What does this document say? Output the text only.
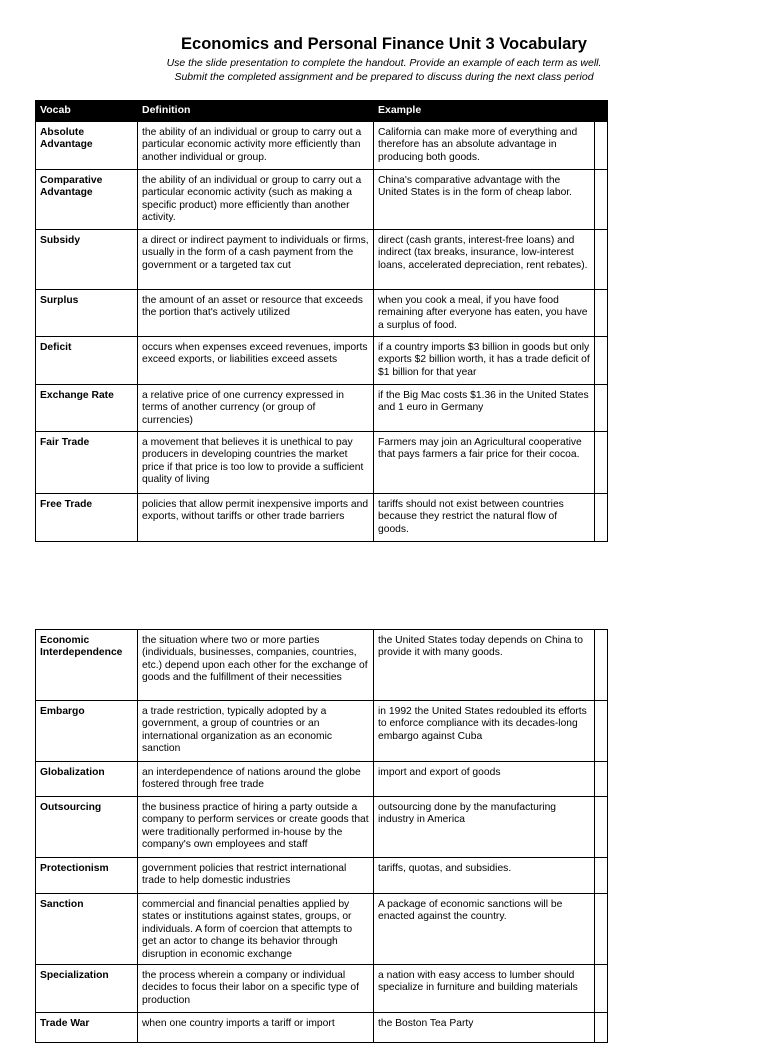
Economics and Personal Finance Unit 3 Vocabulary
Use the slide presentation to complete the handout. Provide an example of each term as well.
Submit the completed assignment and be prepared to discuss during the next class period
Vocab	Definition	Example	
Absolute Advantage	the ability of an individual or group to carry out a particular economic activity more efficiently than another individual or group.	California can make more of everything and therefore has an absolute advantage in producing both goods.	
Comparative Advantage	the ability of an individual or group to carry out a particular economic activity (such as making a specific product) more efficiently than another activity.	China's comparative advantage with the United States is in the form of cheap labor.	
Subsidy	a direct or indirect payment to individuals or firms, usually in the form of a cash payment from the government or a targeted tax cut	direct (cash grants, interest-free loans) and indirect (tax breaks, insurance, low-interest loans, accelerated depreciation, rent rebates).	
Surplus	the amount of an asset or resource that exceeds the portion that's actively utilized	when you cook a meal, if you have food remaining after everyone has eaten, you have a surplus of food.	
Deficit	occurs when expenses exceed revenues, imports exceed exports, or liabilities exceed assets	if a country imports $3 billion in goods but only exports $2 billion worth, it has a trade deficit of $1 billion for that year	
Exchange Rate	a relative price of one currency expressed in terms of another currency (or group of currencies)	if the Big Mac costs $1.36 in the United States and 1 euro in Germany	
Fair Trade	a movement that believes it is unethical to pay producers in developing countries the market price if that price is too low to provide a sufficient quality of living	Farmers may join an Agricultural cooperative that pays farmers a fair price for their cocoa.	
Free Trade	policies that allow permit inexpensive imports and exports, without tariffs or other trade barriers	tariffs should not exist between countries because they restrict the natural flow of goods.	
Economic Interdependence	the situation where two or more parties (individuals, businesses, companies, countries, etc.) depend upon each other for the exchange of goods and the fulfillment of their necessities	the United States today depends on China to provide it with many goods.	
Embargo	a trade restriction, typically adopted by a government, a group of countries or an international organization as an economic sanction	in 1992 the United States redoubled its efforts to enforce compliance with its decades-long embargo against Cuba	
Globalization	an interdependence of nations around the globe fostered through free trade	import and export of goods	
Outsourcing	the business practice of hiring a party outside a company to perform services or create goods that were traditionally performed in-house by the company's own employees and staff	outsourcing done by the manufacturing industry in America	
Protectionism	government policies that restrict international trade to help domestic industries	tariffs, quotas, and subsidies.	
Sanction	commercial and financial penalties applied by states or institutions against states, groups, or individuals. A form of coercion that attempts to get an actor to change its behavior through disruption in economic exchange	A package of economic sanctions will be enacted against the country.	
Specialization	the process wherein a company or individual decides to focus their labor on a specific type of production	a nation with easy access to lumber should specialize in furniture and building materials	
Trade War	when one country imports a tariff or import	the Boston Tea Party	
